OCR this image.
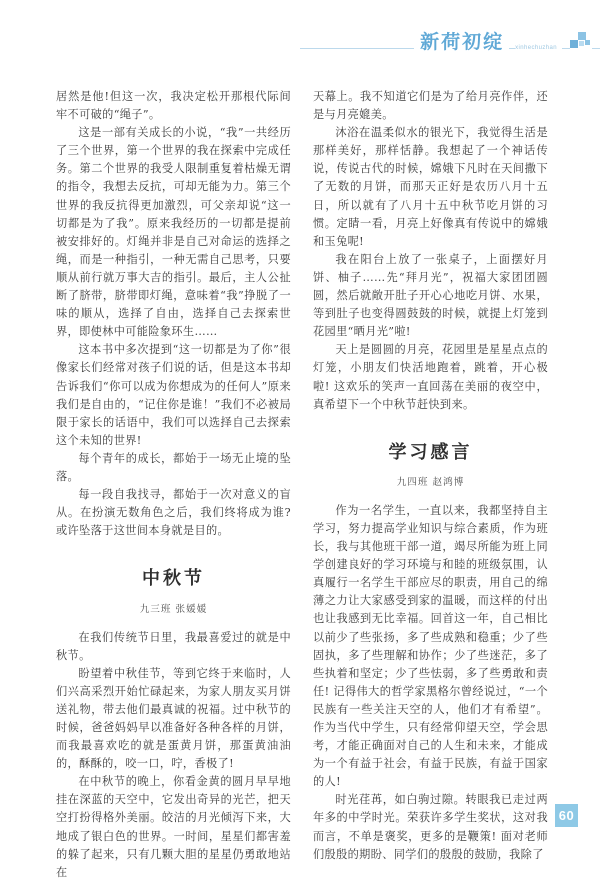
新荷初绽	xinhechuzhan

居然是他!但这一次，我决定松开那根代际间牢不可破的“绳子”。

这是一部有关成长的小说，“我”一共经历了三个世界，第一个世界的我在探索中完成任务。第二个世界的我受人限制重复着枯燥无谓的指令，我想去反抗，可却无能为力。第三个世界的我反抗得更加激烈，可父亲却说“这一切都是为了我”。原来我经历的一切都是提前被安排好的。灯绳并非是自己对命运的选择之绳，而是一种指引，一种无需自己思考，只要顺从前行就万事大吉的指引。最后，主人公扯断了脐带，脐带即灯绳，意味着“我”挣脱了一味的顺从，选择了自由，选择自己去探索世界，即使林中可能险象环生……

这本书中多次提到“这一切都是为了你”很像家长们经常对孩子们说的话，但是这本书却告诉我们“你可以成为你想成为的任何人”原来我们是自由的，“记住你是谁！”我们不必被局限于家长的话语中，我们可以选择自己去探索这个未知的世界!

每个青年的成长，都始于一场无止境的坠落。

每一段自我找寻，都始于一次对意义的盲从。在扮演无数角色之后，我们终将成为谁? 或许坠落于这世间本身就是目的。

中秋节
九三班 张媛媛

在我们传统节日里，我最喜爱过的就是中秋节。

盼望着中秋佳节，等到它终于来临时，人们兴高采烈开始忙碌起来，为家人朋友买月饼送礼物，带去他们最真诚的祝福。过中秋节的时候，爸爸妈妈早以准备好各种各样的月饼，而我最喜欢吃的就是蛋黄月饼，那蛋黄油油的，酥酥的，咬一口，咛，香极了!

在中秋节的晚上，你看金黄的圆月早早地挂在深蓝的天空中，它发出奇异的光芒，把天空打扮得格外美丽。皎洁的月光倾泻下来，大地成了银白色的世界。一时间，星星们都害羞的躲了起来，只有几颗大胆的星星仍勇敢地站在

天幕上。我不知道它们是为了给月亮作伴，还是与月亮媲美。

沐浴在温柔似水的银光下，我觉得生活是那样美好，那样恬静。我想起了一个神话传说，传说古代的时候，嫦娥下凡时在天间撒下了无数的月饼，而那天正好是农历八月十五日，所以就有了八月十五中秋节吃月饼的习惯。定睛一看，月亮上好像真有传说中的嫦娥和玉兔呢!

我在阳台上放了一张桌子，上面摆好月饼、柚子……先“拜月光”，祝福大家团团圆圆，然后就敞开肚子开心心地吃月饼、水果，等到肚子也变得圆鼓鼓的时候，就提上灯笼到花园里“晒月光”啦!

天上是圆圆的月亮，花园里是星星点点的灯笼，小朋友们快活地跑着，跳着，开心极啦! 这欢乐的笑声一直回荡在美丽的夜空中，真希望下一个中秋节赶快到来。

学习感言
九四班 赵鸿博

作为一名学生，一直以来，我都坚持自主学习，努力提高学业知识与综合素质，作为班长，我与其他班干部一道，竭尽所能为班上同学创建良好的学习环境与和睦的班级氛围，认真履行一名学生干部应尽的职责，用自己的绵薄之力让大家感受到家的温暖，而这样的付出也让我感到无比幸福。回首这一年，自己相比以前少了些张扬，多了些成熟和稳重；少了些固执，多了些理解和协作；少了些迷茫，多了些执着和坚定；少了些怯弱，多了些勇敢和责任! 记得伟大的哲学家黑格尔曾经说过，“一个民族有一些关注天空的人，他们才有希望”。作为当代中学生，只有经常仰望天空，学会思考，才能正确面对自己的人生和未来，才能成为一个有益于社会，有益于民族，有益于国家的人!

时光荏苒，如白驹过隙。转眼我已走过两年多的中学时光。荣获许多学生奖状，这对我而言，不单是褒奖，更多的是鞭策! 面对老师们殷殷的期盼、同学们的殷殷的鼓励，我除了

60
